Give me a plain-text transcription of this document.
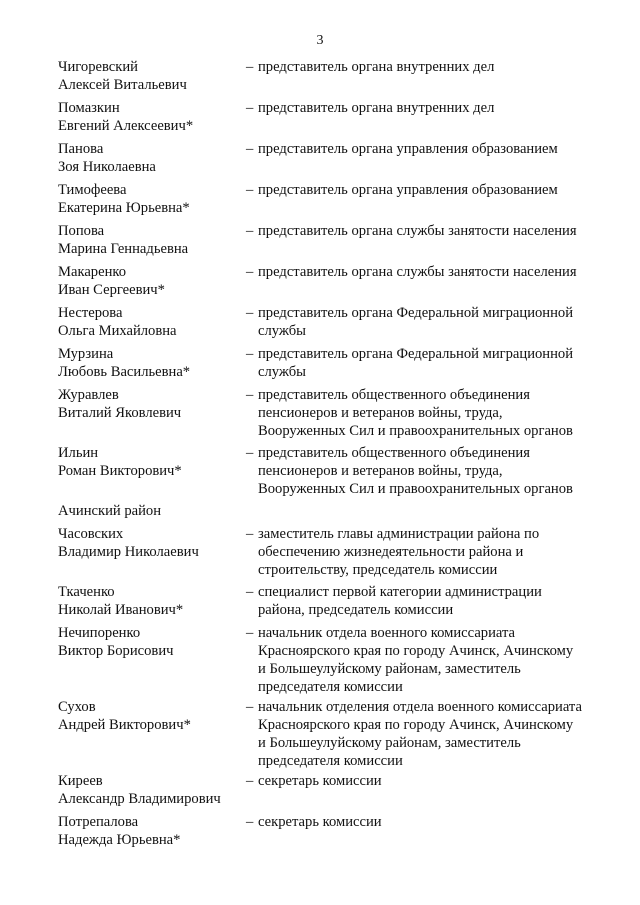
3
Чигоревский
Алексей Витальевич
– представитель органа внутренних дел
Помазкин
Евгений Алексеевич*
– представитель органа внутренних дел
Панова
Зоя Николаевна
– представитель органа управления образованием
Тимофеева
Екатерина Юрьевна*
– представитель органа управления образованием
Попова
Марина Геннадьевна
– представитель органа службы занятости населения
Макаренко
Иван Сергеевич*
– представитель органа службы занятости населения
Нестерова
Ольга Михайловна
– представитель органа Федеральной миграционной
службы
Мурзина
Любовь Васильевна*
– представитель органа Федеральной миграционной
службы
Журавлев
Виталий Яковлевич
– представитель общественного объединения
пенсионеров и ветеранов войны, труда,
Вооруженных Сил и правоохранительных органов
Ильин
Роман Викторович*
– представитель общественного объединения
пенсионеров и ветеранов войны, труда,
Вооруженных Сил и правоохранительных органов
Ачинский район
Часовских
Владимир Николаевич
– заместитель главы администрации района по
обеспечению жизнедеятельности района и
строительству, председатель комиссии
Ткаченко
Николай Иванович*
– специалист первой категории администрации
района, председатель комиссии
Нечипоренко
Виктор Борисович
– начальник отдела военного комиссариата
Красноярского края по городу Ачинск, Ачинскому
и Большеулуйскому районам, заместитель
председателя комиссии
Сухов
Андрей Викторович*
– начальник отделения отдела военного комиссариата
Красноярского края по городу Ачинск, Ачинскому
и Большеулуйскому районам, заместитель
председателя комиссии
Киреев
Александр Владимирович
– секретарь комиссии
Потрепалова
Надежда Юрьевна*
– секретарь комиссии
